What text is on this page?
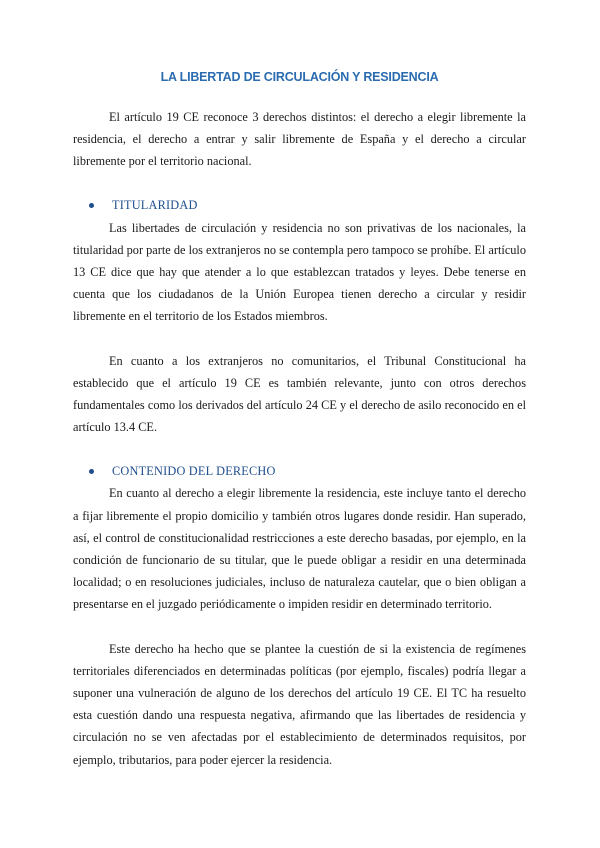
LA LIBERTAD DE CIRCULACIÓN Y RESIDENCIA

El artículo 19 CE reconoce 3 derechos distintos: el derecho a elegir libremente la residencia, el derecho a entrar y salir libremente de España y el derecho a circular libremente por el territorio nacional.

TITULARIDAD

Las libertades de circulación y residencia no son privativas de los nacionales, la titularidad por parte de los extranjeros no se contempla pero tampoco se prohíbe. El artículo 13 CE dice que hay que atender a lo que establezcan tratados y leyes. Debe tenerse en cuenta que los ciudadanos de la Unión Europea tienen derecho a circular y residir libremente en el territorio de los Estados miembros.

En cuanto a los extranjeros no comunitarios, el Tribunal Constitucional ha establecido que el artículo 19 CE es también relevante, junto con otros derechos fundamentales como los derivados del artículo 24 CE y el derecho de asilo reconocido en el artículo 13.4 CE.

CONTENIDO DEL DERECHO

En cuanto al derecho a elegir libremente la residencia, este incluye tanto el derecho a fijar libremente el propio domicilio y también otros lugares donde residir. Han superado, así, el control de constitucionalidad restricciones a este derecho basadas, por ejemplo, en la condición de funcionario de su titular, que le puede obligar a residir en una determinada localidad; o en resoluciones judiciales, incluso de naturaleza cautelar, que o bien obligan a presentarse en el juzgado periódicamente o impiden residir en determinado territorio.

Este derecho ha hecho que se plantee la cuestión de si la existencia de regímenes territoriales diferenciados en determinadas políticas (por ejemplo, fiscales) podría llegar a suponer una vulneración de alguno de los derechos del artículo 19 CE. El TC ha resuelto esta cuestión dando una respuesta negativa, afirmando que las libertades de residencia y circulación no se ven afectadas por el establecimiento de determinados requisitos, por ejemplo, tributarios, para poder ejercer la residencia.
